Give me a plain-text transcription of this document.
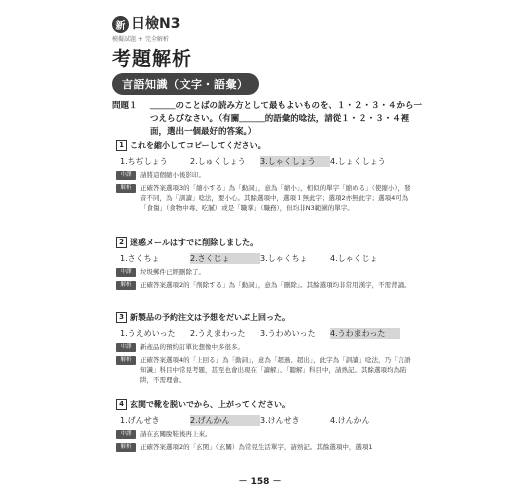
新 日檢N3
模擬試題 + 完全解析
考題解析
言語知識（文字・語彙）
問題１ ＿＿＿のことばの読み方として最もよいものを、１・２・３・４から一つえらびなさい。（有關＿＿＿的語彙的唸法，請從１・２・３・４裡面，選出一個最好的答案。）
1 これを縮小してコピーしてください。
1.ちぢしょう	2.しゅくしょう	3.しゃくしょう	4.しょくしょう
中譯	請將這個縮小後影印。
解析	正確答案選項3的「縮小する」為「動詞」，意為「縮小」，相似的單字「縮める」（使縮小），發音不同，為「訓讀」唸法，要小心。其餘選項中，選項１無此字；選項2亦無此字；選項4可為「食傷」（食物中毒、吃膩）或是「職掌」（職務），但均非N3範圍的單字。
2 迷惑メールはすでに削除しました。
1.さくちょ	2.さくじょ	3.しゃくちょ	4.しゃくじょ
中譯	垃圾郵件已經刪除了。
解析	正確答案選項2的「削除する」為「動詞」，意為「刪除」。其餘選項均非常用漢字，不需背誦。
3 新製品の予約注文は予想をだいぶ上回った。
1.うえめいった	2.うえまわった	3.うわめいった	4.うわまわった
中譯	新產品的預約訂單比想像中多很多。
解析	正確答案選項4的「上回る」為「動詞」，意為「超過、超出」，此字為「訓讀」唸法，乃「言語知識」科目中常見考題，甚至也會出現在「讀解」、「聽解」科目中，請熟記。其餘選項均為陷阱，不需理會。
4 玄関で靴を脱いでから、上がってください。
1.げんせき	2.げんかん	3.けんせき	4.けんかん
中譯	請在玄關脫鞋後再上來。
解析	正確答案選項2的「玄関」（玄關）為常見生活單字，請熟記。其餘選項中，選項1
－ 158 －
